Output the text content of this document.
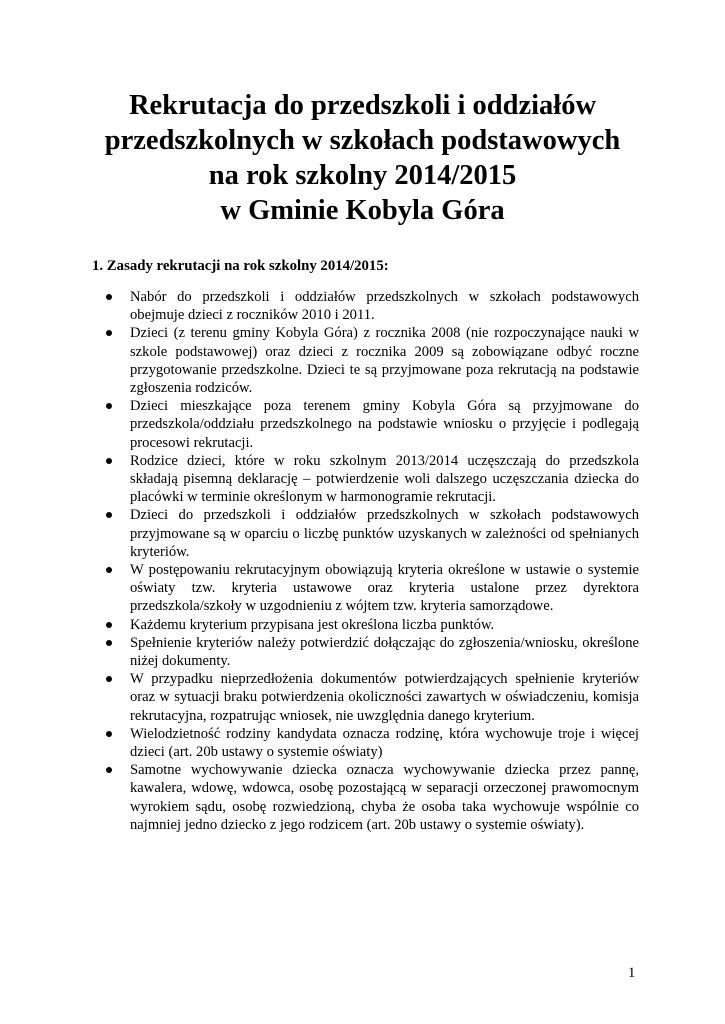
Rekrutacja do przedszkoli i oddziałów
przedszkolnych w szkołach podstawowych
na rok szkolny 2014/2015
w Gminie Kobyla Góra
1. Zasady rekrutacji na rok szkolny 2014/2015:
Nabór do przedszkoli i oddziałów przedszkolnych w szkołach podstawowych obejmuje dzieci z roczników 2010 i 2011.
Dzieci (z terenu gminy Kobyla Góra) z rocznika 2008 (nie rozpoczynające nauki w szkole podstawowej) oraz dzieci z rocznika 2009 są zobowiązane odbyć roczne przygotowanie przedszkolne. Dzieci te są przyjmowane poza rekrutacją na podstawie zgłoszenia rodziców.
Dzieci mieszkające poza terenem gminy Kobyla Góra są przyjmowane do przedszkola/oddziału przedszkolnego na podstawie wniosku o przyjęcie i podlegają procesowi rekrutacji.
Rodzice dzieci, które w roku szkolnym 2013/2014 uczęszczają do przedszkola składają pisemną deklarację – potwierdzenie woli dalszego uczęszczania dziecka do placówki w terminie określonym w harmonogramie rekrutacji.
Dzieci do przedszkoli i oddziałów przedszkolnych w szkołach podstawowych przyjmowane są w oparciu o liczbę punktów uzyskanych w zależności od spełnianych kryteriów.
W postępowaniu rekrutacyjnym obowiązują kryteria określone w ustawie o systemie oświaty tzw. kryteria ustawowe oraz kryteria ustalone przez dyrektora przedszkola/szkoły w uzgodnieniu z wójtem tzw. kryteria samorządowe.
Każdemu kryterium przypisana jest określona liczba punktów.
Spełnienie kryteriów należy potwierdzić dołączając do zgłoszenia/wniosku, określone niżej dokumenty.
W przypadku nieprzedłożenia dokumentów potwierdzających spełnienie kryteriów oraz w sytuacji braku potwierdzenia okoliczności zawartych w oświadczeniu, komisja rekrutacyjna, rozpatrując wniosek, nie uwzględnia danego kryterium.
Wielodzietność rodziny kandydata oznacza rodzinę, która wychowuje troje i więcej dzieci (art. 20b ustawy o systemie oświaty)
Samotne wychowywanie dziecka oznacza wychowywanie dziecka przez pannę, kawalera, wdowę, wdowca, osobę pozostającą w separacji orzeczonej prawomocnym wyrokiem sądu, osobę rozwiedzioną, chyba że osoba taka wychowuje wspólnie co najmniej jedno dziecko z jego rodzicem (art. 20b ustawy o systemie oświaty).
1
